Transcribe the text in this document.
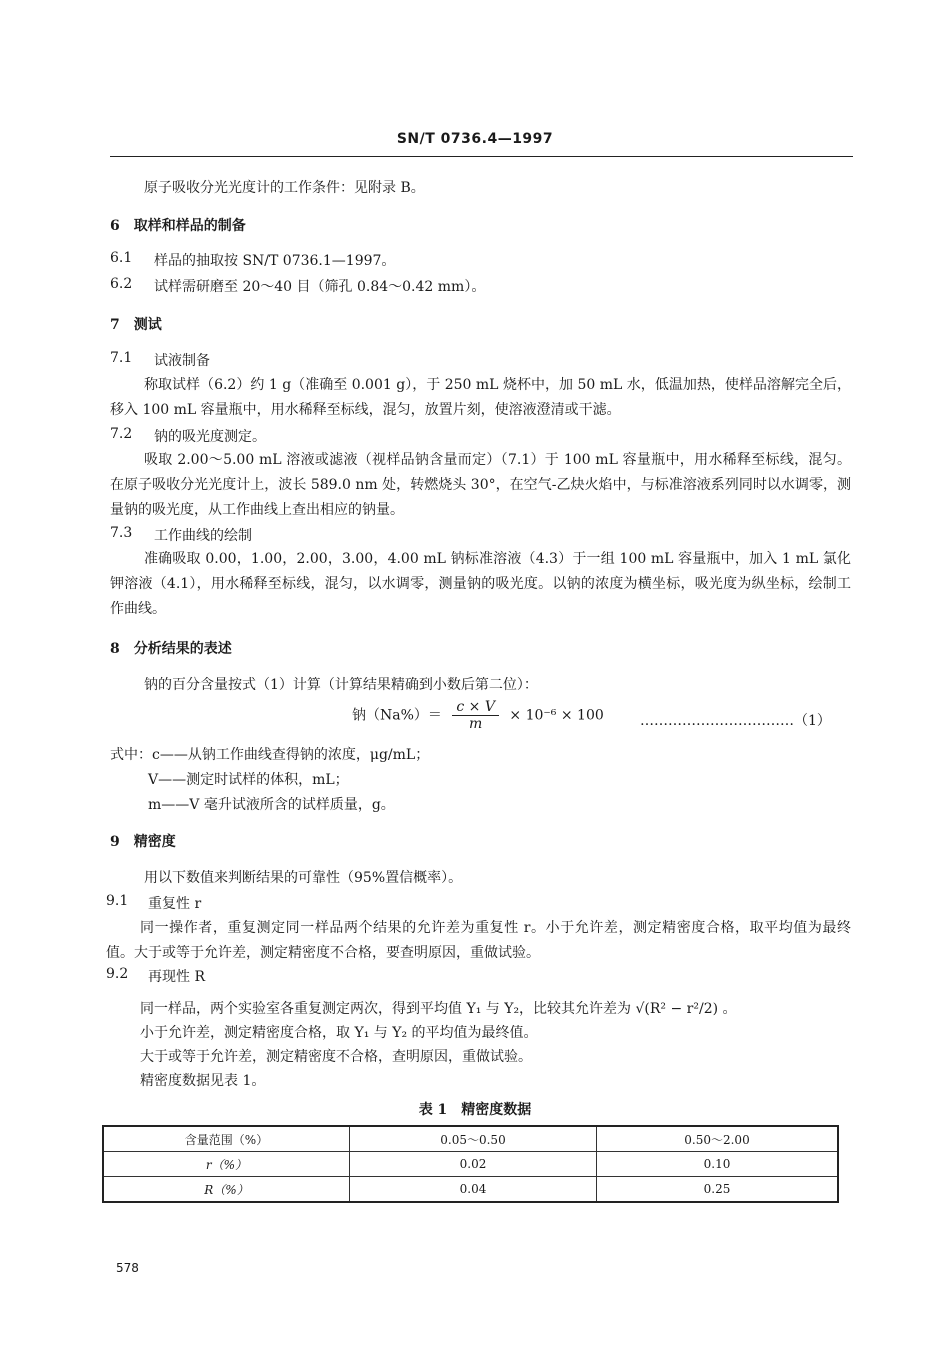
SN/T 0736.4—1997
原子吸收分光光度计的工作条件：见附录 B。
6　取样和样品的制备
6.1 样品的抽取按 SN/T 0736.1—1997。
6.2 试样需研磨至 20～40 目（筛孔 0.84～0.42 mm）。
7　测试
7.1 试液制备
称取试样（6.2）约 1 g（准确至 0.001 g），于 250 mL 烧杯中，加 50 mL 水，低温加热，使样品溶解完全后，移入 100 mL 容量瓶中，用水稀释至标线，混匀，放置片刻，使溶液澄清或干滤。
7.2 钠的吸光度测定。
吸取 2.00～5.00 mL 溶液或滤液（视样品钠含量而定）（7.1）于 100 mL 容量瓶中，用水稀释至标线，混匀。在原子吸收分光光度计上，波长 589.0 nm 处，转燃烧头 30°，在空气-乙炔火焰中，与标准溶液系列同时以水调零，测量钠的吸光度，从工作曲线上查出相应的钠量。
7.3 工作曲线的绘制
准确吸取 0.00，1.00，2.00，3.00，4.00 mL 钠标准溶液（4.3）于一组 100 mL 容量瓶中，加入 1 mL 氯化钾溶液（4.1），用水稀释至标线，混匀，以水调零，测量钠的吸光度。以钠的浓度为横坐标，吸光度为纵坐标，绘制工作曲线。
8　分析结果的表述
钠的百分含量按式（1）计算（计算结果精确到小数后第二位）：
钠$(Na\%)= \frac{c \times V}{m} \times 10^{-6} \times 100$	……………………………（1）
式中：c——从钠工作曲线查得钠的浓度，μg/mL；
V——测定时试样的体积，mL；
m——V 毫升试液所含的试样质量，g。
9　精密度
用以下数值来判断结果的可靠性（95%置信概率）。
9.1 重复性 r
同一操作者，重复测定同一样品两个结果的允许差为重复性 r。小于允许差，测定精密度合格，取平均值为最终值。大于或等于允许差，测定精密度不合格，要查明原因，重做试验。
9.2 再现性 R
同一样品，两个实验室各重复测定两次，得到平均值 Y₁ 与 Y₂，比较其允许差为 √(R² − r²/2) 。
小于允许差，测定精密度合格，取 Y₁ 与 Y₂ 的平均值为最终值。
大于或等于允许差，测定精密度不合格，查明原因，重做试验。
精密度数据见表 1。
表 1　精密度数据
含量范围（%）	0.05～0.50	0.50～2.00
r（%）	0.02	0.10
R（%）	0.04	0.25
578
